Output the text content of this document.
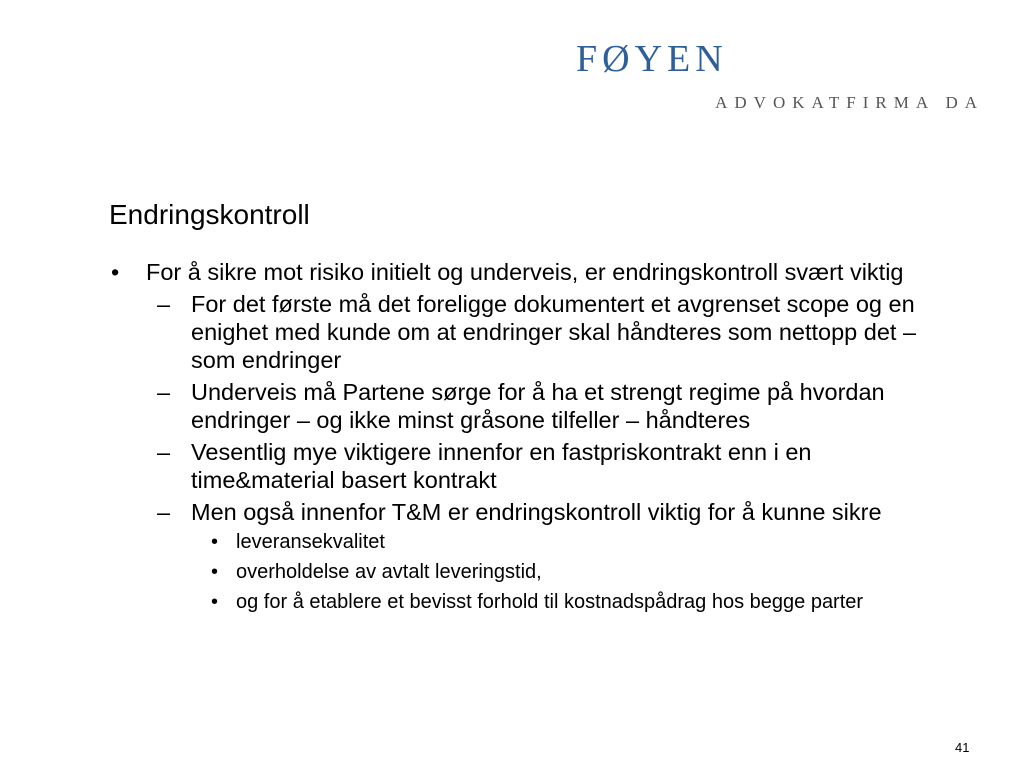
FØYEN
ADVOKATFIRMA DA
Endringskontroll

• For å sikre mot risiko initielt og underveis, er endringskontroll svært viktig

– For det første må det foreligge dokumentert et avgrenset scope og en enighet med kunde om at endringer skal håndteres som nettopp det – som endringer

– Underveis må Partene sørge for å ha et strengt regime på hvordan endringer – og ikke minst gråsone tilfeller – håndteres

– Vesentlig mye viktigere innenfor en fastpriskontrakt enn i en time&material basert kontrakt

– Men også innenfor T&M er endringskontroll viktig for å kunne sikre

• leveransekvalitet

• overholdelse av avtalt leveringstid,

• og for å etablere et bevisst forhold til kostnadspådrag hos begge parter

41
